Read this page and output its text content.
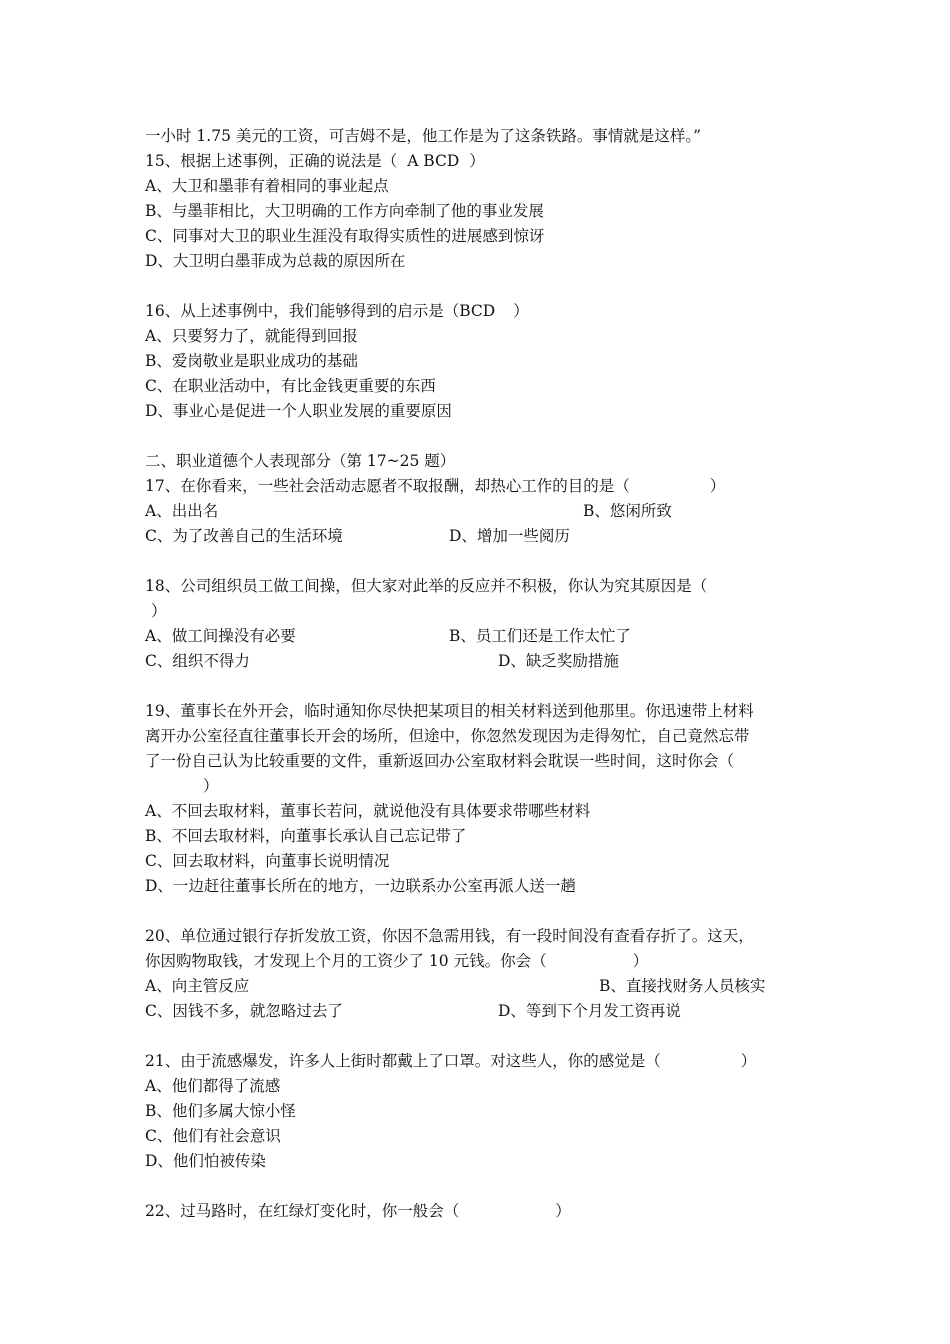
一小时 1.75 美元的工资，可吉姆不是，他工作是为了这条铁路。事情就是这样。”
15、根据上述事例，正确的说法是（ A BCD ）
A、大卫和墨菲有着相同的事业起点
B、与墨菲相比，大卫明确的工作方向牵制了他的事业发展
C、同事对大卫的职业生涯没有取得实质性的进展感到惊讶
D、大卫明白墨菲成为总裁的原因所在
16、从上述事例中，我们能够得到的启示是（BCD ）
A、只要努力了，就能得到回报
B、爱岗敬业是职业成功的基础
C、在职业活动中，有比金钱更重要的东西
D、事业心是促进一个人职业发展的重要原因
二、职业道德个人表现部分（第 17~25 题）
17、在你看来，一些社会活动志愿者不取报酬，却热心工作的目的是（	）
A、出出名	B、悠闲所致
C、为了改善自己的生活环境	D、增加一些阅历
18、公司组织员工做工间操，但大家对此举的反应并不积极，你认为究其原因是（
）
A、做工间操没有必要	B、员工们还是工作太忙了
C、组织不得力	D、缺乏奖励措施
19、董事长在外开会，临时通知你尽快把某项目的相关材料送到他那里。你迅速带上材料
离开办公室径直往董事长开会的场所，但途中，你忽然发现因为走得匆忙，自己竟然忘带
了一份自己认为比较重要的文件，重新返回办公室取材料会耽误一些时间，这时你会（
）
A、不回去取材料，董事长若问，就说他没有具体要求带哪些材料
B、不回去取材料，向董事长承认自己忘记带了
C、回去取材料，向董事长说明情况
D、一边赶往董事长所在的地方，一边联系办公室再派人送一趟
20、单位通过银行存折发放工资，你因不急需用钱，有一段时间没有查看存折了。这天，
你因购物取钱，才发现上个月的工资少了 10 元钱。你会（	）
A、向主管反应	B、直接找财务人员核实
C、因钱不多，就忽略过去了	D、等到下个月发工资再说
21、由于流感爆发，许多人上街时都戴上了口罩。对这些人，你的感觉是（	）
A、他们都得了流感
B、他们多属大惊小怪
C、他们有社会意识
D、他们怕被传染
22、过马路时，在红绿灯变化时，你一般会（	）
